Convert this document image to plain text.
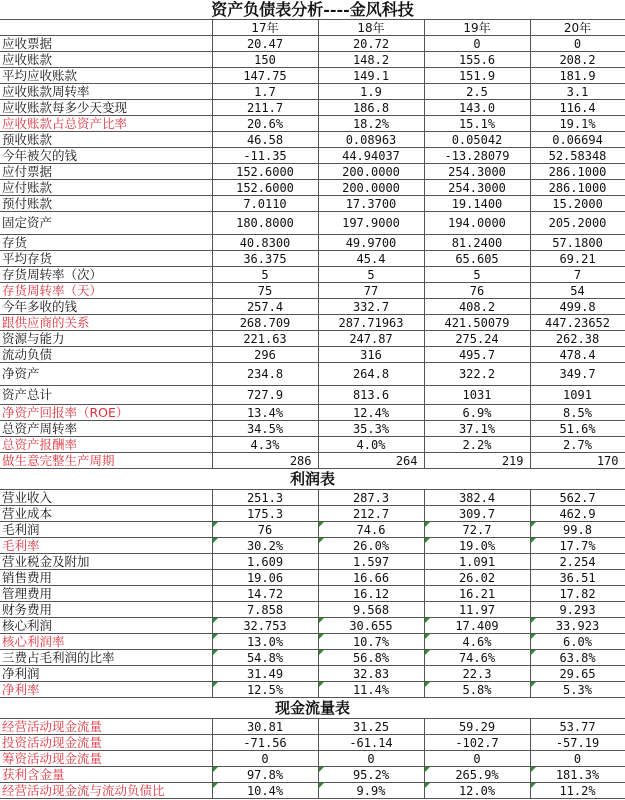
资产负债表分析----金风科技				
	17年	18年	19年	20年
应收票据	20.47	20.72	0	0
应收账款	150	148.2	155.6	208.2
平均应收账款	147.75	149.1	151.9	181.9
应收账款周转率	1.7	1.9	2.5	3.1
应收账款每多少天变现	211.7	186.8	143.0	116.4
应收账款占总资产比率	20.6%	18.2%	15.1%	19.1%
预收账款	46.58	0.08963	0.05042	0.06694
今年被欠的钱	-11.35	44.94037	-13.28079	52.58348
应付票据	152.6000	200.0000	254.3000	286.1000
应付账款	152.6000	200.0000	254.3000	286.1000
预付账款	7.0110	17.3700	19.1400	15.2000
固定资产	180.8000	197.9000	194.0000	205.2000
存货	40.8300	49.9700	81.2400	57.1800
平均存货	36.375	45.4	65.605	69.21
存货周转率（次）	5	5	5	7
存货周转率（天）	75	77	76	54
今年多收的钱	257.4	332.7	408.2	499.8
跟供应商的关系	268.709	287.71963	421.50079	447.23652
资源与能力	221.63	247.87	275.24	262.38
流动负债	296	316	495.7	478.4
净资产	234.8	264.8	322.2	349.7
资产总计	727.9	813.6	1031	1091
净资产回报率（ROE）	13.4%	12.4%	6.9%	8.5%
总资产周转率	34.5%	35.3%	37.1%	51.6%
总资产报酬率	4.3%	4.0%	2.2%	2.7%
做生意完整生产周期	286	264	219	170
利润表				
营业收入	251.3	287.3	382.4	562.7
营业成本	175.3	212.7	309.7	462.9
毛利润	76	74.6	72.7	99.8
毛利率	30.2%	26.0%	19.0%	17.7%
营业税金及附加	1.609	1.597	1.091	2.254
销售费用	19.06	16.66	26.02	36.51
管理费用	14.72	16.12	16.21	17.82
财务费用	7.858	9.568	11.97	9.293
核心利润	32.753	30.655	17.409	33.923
核心利润率	13.0%	10.7%	4.6%	6.0%
三费占毛利润的比率	54.8%	56.8%	74.6%	63.8%
净利润	31.49	32.83	22.3	29.65
净利率	12.5%	11.4%	5.8%	5.3%
现金流量表				
经营活动现金流量	30.81	31.25	59.29	53.77
投资活动现金流量	-71.56	-61.14	-102.7	-57.19
筹资活动现金流量	0	0	0	0
获利含金量	97.8%	95.2%	265.9%	181.3%
经营活动现金流与流动负债比	10.4%	9.9%	12.0%	11.2%
